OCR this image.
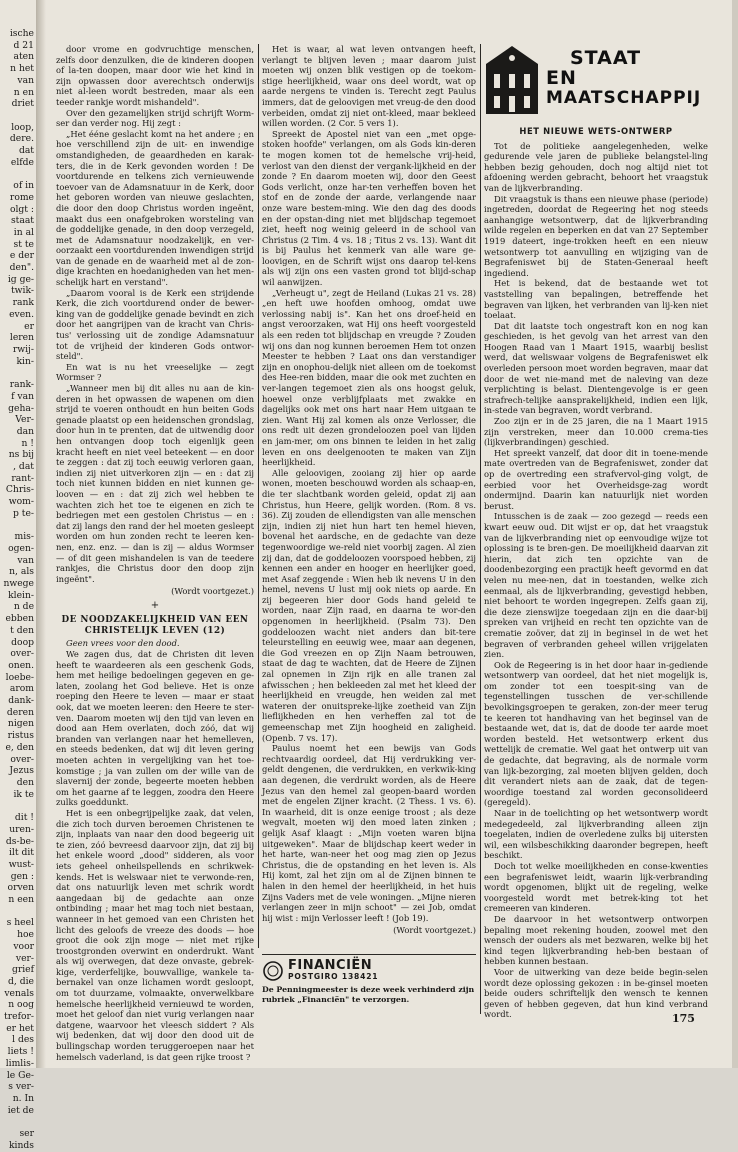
ische
d 21
aten
n het
van
n en
driet

loop,
dere.
dat
elfde

of in
rome
olgt :
staat
in al
st te
e der
den".
ig ge-
twik-
rank
even.
er
leren
rwij-
kin-

rank-
f van
geha-
Ver-
dan
n !
ns bij
, dat
rant-
Chris-
wom-
p te-

mis-
ogen-
van
n, als
nwege
klein-
n de
ebben
t den
doop
over-
onen.
loebe-
arom
dank-
deren
nigen
ristus
e, den
over-
Jezus
den
ik te

dit !
uren-
ds-be-
ilt dit
wust-
gen :
orven
n een

s heel
hoe
voor
ver-
grief
d, die
venals
n oog
trefor-
er het
l des
liets !
limlis-
le Ge-
s ver-
n. In
iet de

ser
kinds

door vrome en godvruchtige menschen, zelfs door denzulken, die de kinderen doopen of la-ten doopen, maar door wie het kind in zijn opwassen door averechtsch onderwijs niet al-leen wordt bestreden, maar als een teeder rankje wordt mishandeld".

Over den gezamelijken strijd schrijft Worm-ser dan verder nog. Hij zegt :

„Het ééne geslacht komt na het andere ; en hoe verschillend zijn de uit- en inwendige omstandigheden, de geaardheden en karak-ters, die in de Kerk gevonden worden ! De voortdurende en telkens zich vernieuwende toevoer van de Adamsnatuur in de Kerk, door het geboren worden van nieuwe geslachten, die door den doop Christus worden ingeënt, maakt dus een onafgebroken worsteling van de goddelijke genade, in den doop verzegeld, met de Adamsnatuur noodzakelijk, en ver-oorzaakt een voortdurenden inwendigen strijd van de genade en de waarheid met al de zon-dige krachten en hoedanigheden van het men-schelijk hart en verstand".

„Daarom vooral is de Kerk een strijdende Kerk, die zich voortdurend onder de bewer-king van de goddelijke genade bevindt en zich door het aangrijpen van de kracht van Chris-tus' verlossing uit de zondige Adamsnatuur tot de vrijheid der kinderen Gods ontwor-steld".

En wat is nu het vreeselijke — zegt Wormser ?

„Wanneer men bij dit alles nu aan de kin-deren in het opwassen de wapenen om dien strijd te voeren onthoudt en hun beiten Gods genade plaatst op een heidenschen grondslag, door hun in te prenten, dat de uitwendig door hen ontvangen doop toch eigenlijk geen kracht heeft en niet veel beteekent — en door te zeggen : dat zij toch eeuwig verloren gaan, indien zij niet uitverkoren zijn — en : dat zij toch niet kunnen bidden en niet kunnen ge-looven — en : dat zij zich wel hebben te wachten zich het toe te eigenen en zich te bedriegen met een gestolen Christus — en : dat zij langs den rand der hel moeten gesleept worden om hun zonden recht te leeren ken-nen, enz. enz. — dan is zij — aldus Wormser — of dit geen mishandelen is van de teedere rankjes, die Christus door den doop zijn ingeënt".

(Wordt voortgezet.)

+
DE NOODZAKELIJKHEID VAN EEN CHRISTELIJK LEVEN (12)

Geen vrees voor den dood.

We zagen dus, dat de Christen dit leven heeft te waardeeren als een geschenk Gods, hem met heilige bedoelingen gegeven en ge-laten, zoolang het God believe. Het is onze roeping den Heere te leven — maar er staat ook, dat we moeten leeren: den Heere te ster-ven. Daarom moeten wij den tijd van leven en dood aan Hem overlaten, doch zóó, dat wij branden van verlangen naar het hemelleven, en steeds bedenken, dat wij dit leven gering moeten achten in vergelijking van het toe-komstige ; ja van zullen om der wille van de slavernij der zonde, begeerte moeten hebben om het gaarne af te leggen, zoodra den Heere zulks goeddunkt.

Het is een onbegrijpelijke zaak, dat velen, die zich toch durven beroemen Christenen te zijn, inplaats van naar den dood begeerig uit te zien, zóó bevreesd daarvoor zijn, dat zij bij het enkele woord „dood" sidderen, als voor iets geheel onheilspellends en schrikwek-kends. Het is welswaar niet te verwonde-ren, dat ons natuurlijk leven met schrik wordt aangedaan bij de gedachte aan onze ontbinding ; maar het mag toch niet bestaan, wanneer in het gemoed van een Christen het licht des geloofs de vreeze des doods — hoe groot die ook zijn moge — niet met rijke troostgronden overwint en onderdrukt. Want als wij overwegen, dat deze onvaste, gebrek-kige, verderfelijke, bouwvallige, wankele ta-bernakel van onze lichamen wordt gesloopt, om tot duurzame, volmaakte, onverwelkbare hemelsche heerlijkheid vernieuwd te worden, moet het geloof dan niet vurig verlangen naar datgene, waarvoor het vleesch siddert ? Als wij bedenken, dat wij door den dood uit de bullingschap worden teruggeroepen naar het hemelsch vaderland, is dat geen rijke troost ?

Het is waar, al wat leven ontvangen heeft, verlangt te blijven leven ; maar daarom juist moeten wij onzen blik vestigen op de toekom-stige heerlijkheid, waar ons deel wordt, wat op aarde nergens te vinden is. Terecht zegt Paulus immers, dat de geloovigen met vreug-de den dood verbeiden, omdat zij niet ont-kleed, maar bekleed willen worden. (2 Cor. 5 vers 1).

Spreekt de Apostel niet van een „met opge-stoken hoofde" verlangen, om als Gods kin-deren te mogen komen tot de hemelsche vrij-heid, verlost van den dienst der vergank-lijkheid en der zonde ? En daarom moeten wij, door den Geest Gods verlicht, onze har-ten verheffen boven het stof en de zonde der aarde, verlangende naar onze ware bestem-ming. Wie den dag des doods en der opstan-ding niet met blijdschap tegemoet ziet, heeft nog weinig geleerd in de school van Christus (2 Tim. 4 vs. 18 ; Titus 2 vs. 13). Want dit is bij Paulus het kenmerk van alle ware ge-loovigen, en de Schrift wijst ons daarop tel-kens als wij zijn ons een vasten grond tot blijd-schap wil aanwijzen.

„Verheugt u", zegt de Heiland (Lukas 21 vs. 28) „en heft uwe hoofden omhoog, omdat uwe verlossing nabij is". Kan het ons droef-heid en angst veroorzaken, wat Hij ons heeft voorgesteld als een reden tot blijdschap en vreugde ? Zouden wij ons dan nog kunnen beroemen Hem tot onzen Meester te hebben ? Laat ons dan verstandiger zijn en onophou-delijk niet alleen om de toekomst des Hee-ren bidden, maar die ook met zuchten en ver-langen tegemoet zien als ons hoogst geluk, hoewel onze verblijfplaats met zwakke en dagelijks ook met ons hart naar Hem uitgaan te zien. Want Hij zal komen als onze Verlosser, die ons redt uit dezen grondeloozen poel van lijden en jam-mer, om ons binnen te leiden in het zalig leven en ons deelgenooten te maken van Zijn heerlijkheid.

Alle geloovigen, zooiang zij hier op aarde wonen, moeten beschouwd worden als schaap-en, die ter slachtbank worden geleid, opdat zij aan Christus, hun Heere, gelijk worden. (Rom. 8 vs. 36). Zij zouden de ellendigsten van alle menschen zijn, indien zij niet hun hart ten hemel hieven, bovenal het aardsche, en de gedachte van deze tegenwoordige we-reld niet voorbij zagen. Al zien zij dan, dat de goddeloozen voorspoed hebben, zij kennen een ander en hooger en heerlijker goed, met Asaf zeggende : Wien heb ik nevens U in den hemel, nevens U lust mij ook niets op aarde. En zij begeeren hier door Gods hand geleid te worden, naar Zijn raad, en daarna te wor-den opgenomen in heerlijkheid. (Psalm 73). Den goddeloozen wacht niet anders dan bit-tere teleurstelling en eeuwig wee, maar aan degenen, die God vreezen en op Zijn Naam betrouwen, staat de dag te wachten, dat de Heere de Zijnen zal opnemen in Zijn rijk en alle tranen zal afwisschen ; hen bekleeden zal met het kleed der heerlijkheid en vreugde, hen weiden zal met wateren der onuitspreke-lijke zoetheid van Zijn lieflijkheden en hen verheffen zal tot de gemeenschap met Zijn hoogheid en zaligheid. (Openb. 7 vs. 17).

Paulus noemt het een bewijs van Gods rechtvaardig oordeel, dat Hij verdrukking ver-geldt dengenen, die verdrukken, en verkwik-king aan degenen, die verdrukt worden, als de Heere Jezus van den hemel zal geopen-baard worden met de engelen Zijner kracht. (2 Thess. 1 vs. 6). In waarheid, dit is onze eenige troost ; als deze wegvalt, moeten wij den moed laten zinken ; gelijk Asaf klaagt : „Mijn voeten waren bijna uitgeweken". Maar de blijdschap keert weder in het harte, wan-neer het oog mag zien op Jezus Christus, die de opstanding en het leven is. Als Hij komt, zal het zijn om al de Zijnen binnen te halen in den hemel der heerlijkheid, in het huis Zijns Vaders met de vele woningen. „Mijne nieren verlangen zeer in mijn schoot" — zei Job, omdat hij wist : mijn Verlosser leeft ! (Job 19).

(Wordt voortgezet.)

FINANCIËN
POSTGIRO 138421
De Penningmeester is deze week verhinderd zijn rubriek „Financiën" te verzorgen.
STAAT
EN
MAATSCHAPPIJ
HET NIEUWE WETS-ONTWERP

Tot de politieke aangelegenheden, welke gedurende vele jaren de publieke belangstel-ling hebben bezig gehouden, doch nog altijd niet tot afdoening werden gebracht, behoort het vraagstuk van de lijkverbranding.

Dit vraagstuk is thans een nieuwe phase (periode) ingetreden, doordat de Regeering het nog steeds aanhangige wetsontwerp, dat de lijkverbranding wilde regelen en beperken en dat van 27 September 1919 dateert, inge-trokken heeft en een nieuw wetsontwerp tot aanvulling en wijziging van de Begrafeniswet bij de Staten-Generaal heeft ingediend.

Het is bekend, dat de bestaande wet tot vaststelling van bepalingen, betreffende het begraven van lijken, het verbranden van lij-ken niet toelaat.

Dat dit laatste toch ongestraft kon en nog kan geschieden, is het gevolg van het arrest van den Hoogen Raad van 1 Maart 1915, waarbij beslist werd, dat weliswaar volgens de Begrafeniswet elk overleden persoon moet worden begraven, maar dat door de wet nie-mand met de naleving van deze verplichting is belast. Dientengevolge is er geen strafrech-telijke aansprakelijkheid, indien een lijk, in-stede van begraven, wordt verbrand.

Zoo zijn er in de 25 jaren, die na 1 Maart 1915 zijn verstreken, meer dan 10.000 crema-ties (lijkverbrandingen) geschied.

Het spreekt vanzelf, dat door dit in toene-mende mate overtreden van de Begrafeniswet, zonder dat op de overtreding een strafvervol-ging volgt, de eerbied voor het Overheidsge-zag wordt ondermijnd. Daarin kan natuurlijk niet worden berust.

Intusschen is de zaak — zoo gezegd — reeds een kwart eeuw oud. Dit wijst er op, dat het vraagstuk van de lijkverbranding niet op eenvoudige wijze tot oplossing is te bren-gen. De moeilijkheid daarvan zit hierin, dat zich ten opzichte van de doodenbezorging een practijk heeft gevormd en dat velen nu mee-nen, dat in toestanden, welke zich eenmaal, als de lijkverbranding, gevestigd hebben, niet behoort te worden ingegrepen. Zelfs gaan zij, die deze zienswijze toegedaan zijn en die daar-bij spreken van vrijheid en recht ten opzichte van de crematie zoöver, dat zij in beginsel in de wet het begraven of verbranden geheel willen vrijgelaten zien.

Ook de Regeering is in het door haar in-gediende wetsontwerp van oordeel, dat het niet mogelijk is, om zonder tot een toespit-sing van de tegenstellingen tusschen de ver-schillende bevolkingsgroepen te geraken, zon-der meer terug te keeren tot handhaving van het beginsel van de bestaande wet, dat is, dat de doode ter aarde moet worden besteld. Het wetsontwerp erkent dus wettelijk de crematie. Wel gaat het ontwerp uit van de gedachte, dat begraving, als de normale vorm van lijk-bezorging, zal moeten blijven gelden, doch dit verandert niets aan de zaak, dat de tegen-woordige toestand zal worden geconsolideerd (geregeld).

Naar in de toelichting op het wetsontwerp wordt medegedeeld, zal lijkverbranding alleen zijn toegelaten, indien de overledene zulks bij uitersten wil, een wilsbeschikking daaronder begrepen, heeft beschikt.

Doch tot welke moeilijkheden en conse-kwenties een begrafeniswet leidt, waarin lijk-verbranding wordt opgenomen, blijkt uit de regeling, welke voorgesteld wordt met betrek-king tot het cremeeren van kinderen.

De daarvoor in het wetsontwerp ontworpen bepaling moet rekening houden, zoowel met den wensch der ouders als met bezwaren, welke bij het kind tegen lijkverbranding heb-ben bestaan of hebben kunnen bestaan.

Voor de uitwerking van deze beide begin-selen wordt deze oplossing gekozen : in be-ginsel moeten beide ouders schriftelijk den wensch te kennen geven of hebben gegeven, dat hun kind verbrand wordt.	175
